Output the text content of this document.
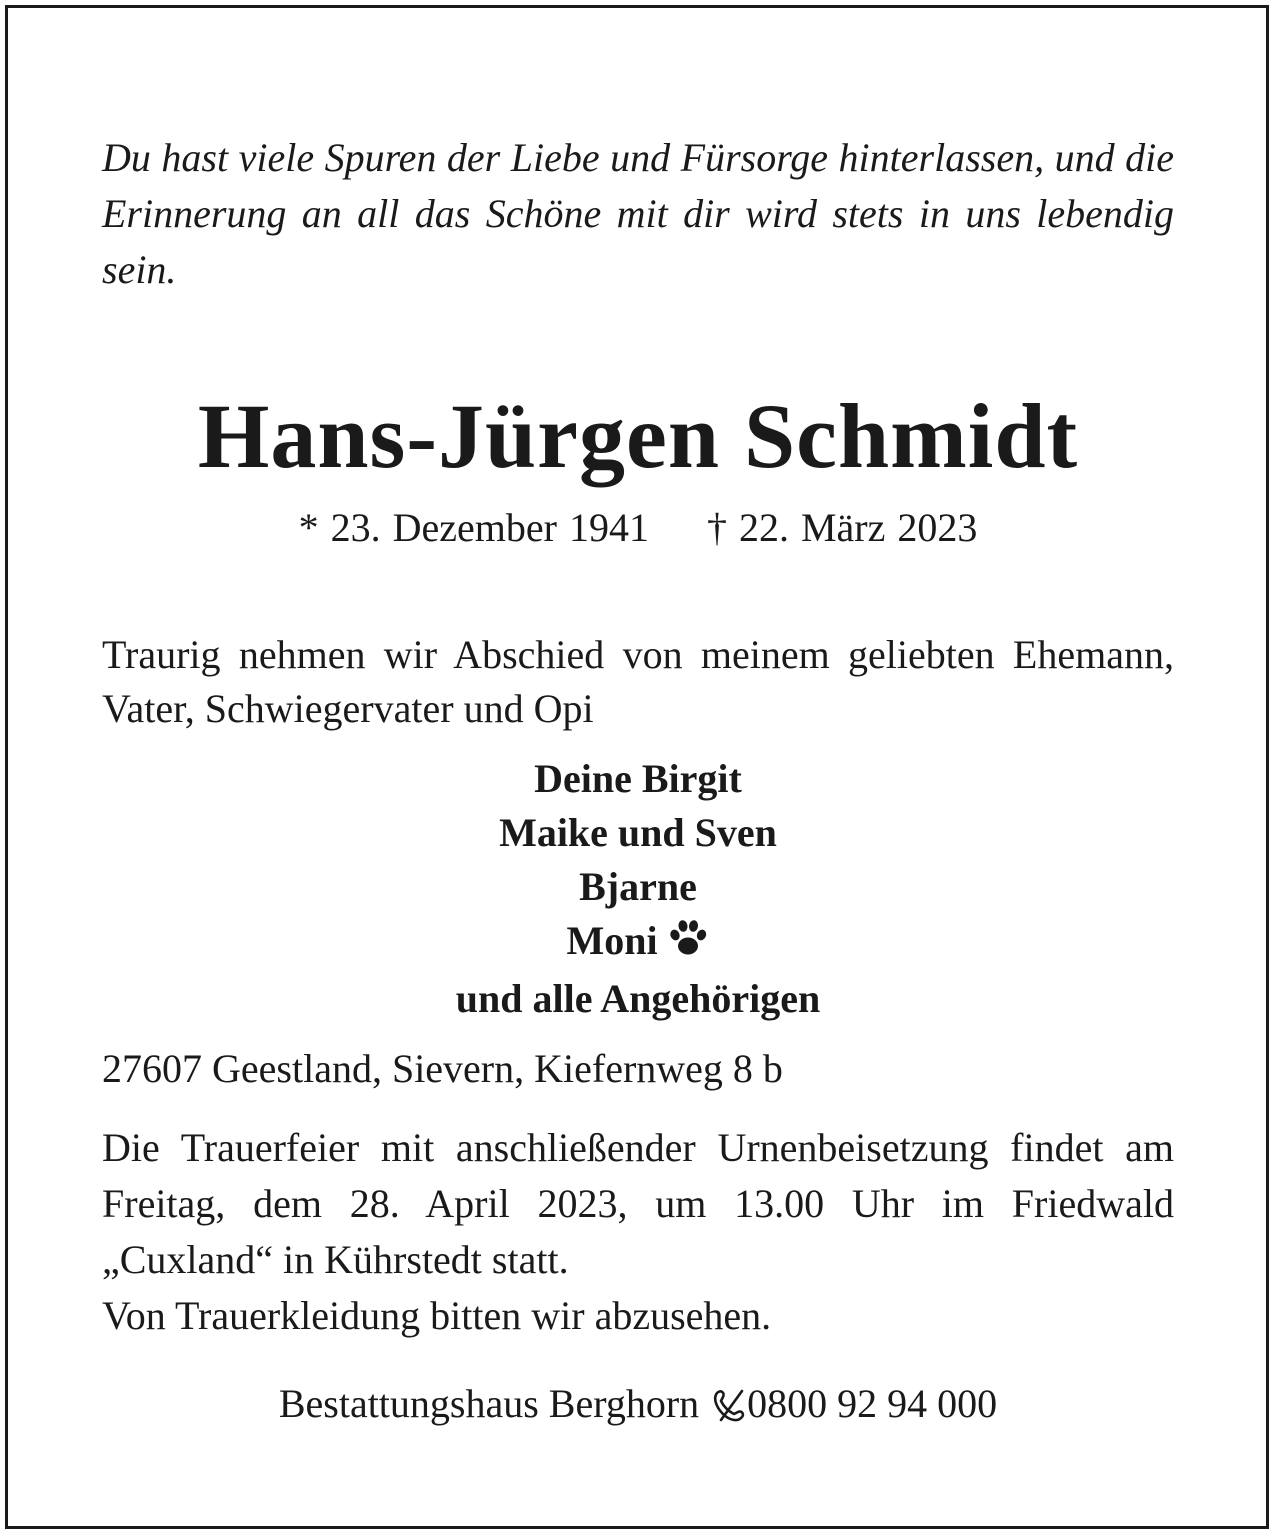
Du hast viele Spuren der Liebe und Fürsorge hinterlassen, und die Erinnerung an all das Schöne mit dir wird stets in uns lebendig sein.

Hans-Jürgen Schmidt
* 23. Dezember 1941 † 22. März 2023

Traurig nehmen wir Abschied von meinem geliebten Ehemann, Vater, Schwiegervater und Opi

Deine Birgit
Maike und Sven
Bjarne
Moni
und alle Angehörigen

27607 Geestland, Sievern, Kiefernweg 8 b

Die Trauerfeier mit anschließender Urnenbeisetzung findet am Freitag, dem 28. April 2023, um 13.00 Uhr im Friedwald „Cuxland“ in Kührstedt statt.
Von Trauerkleidung bitten wir abzusehen.
Bestattungshaus Berghorn 0800 92 94 000
